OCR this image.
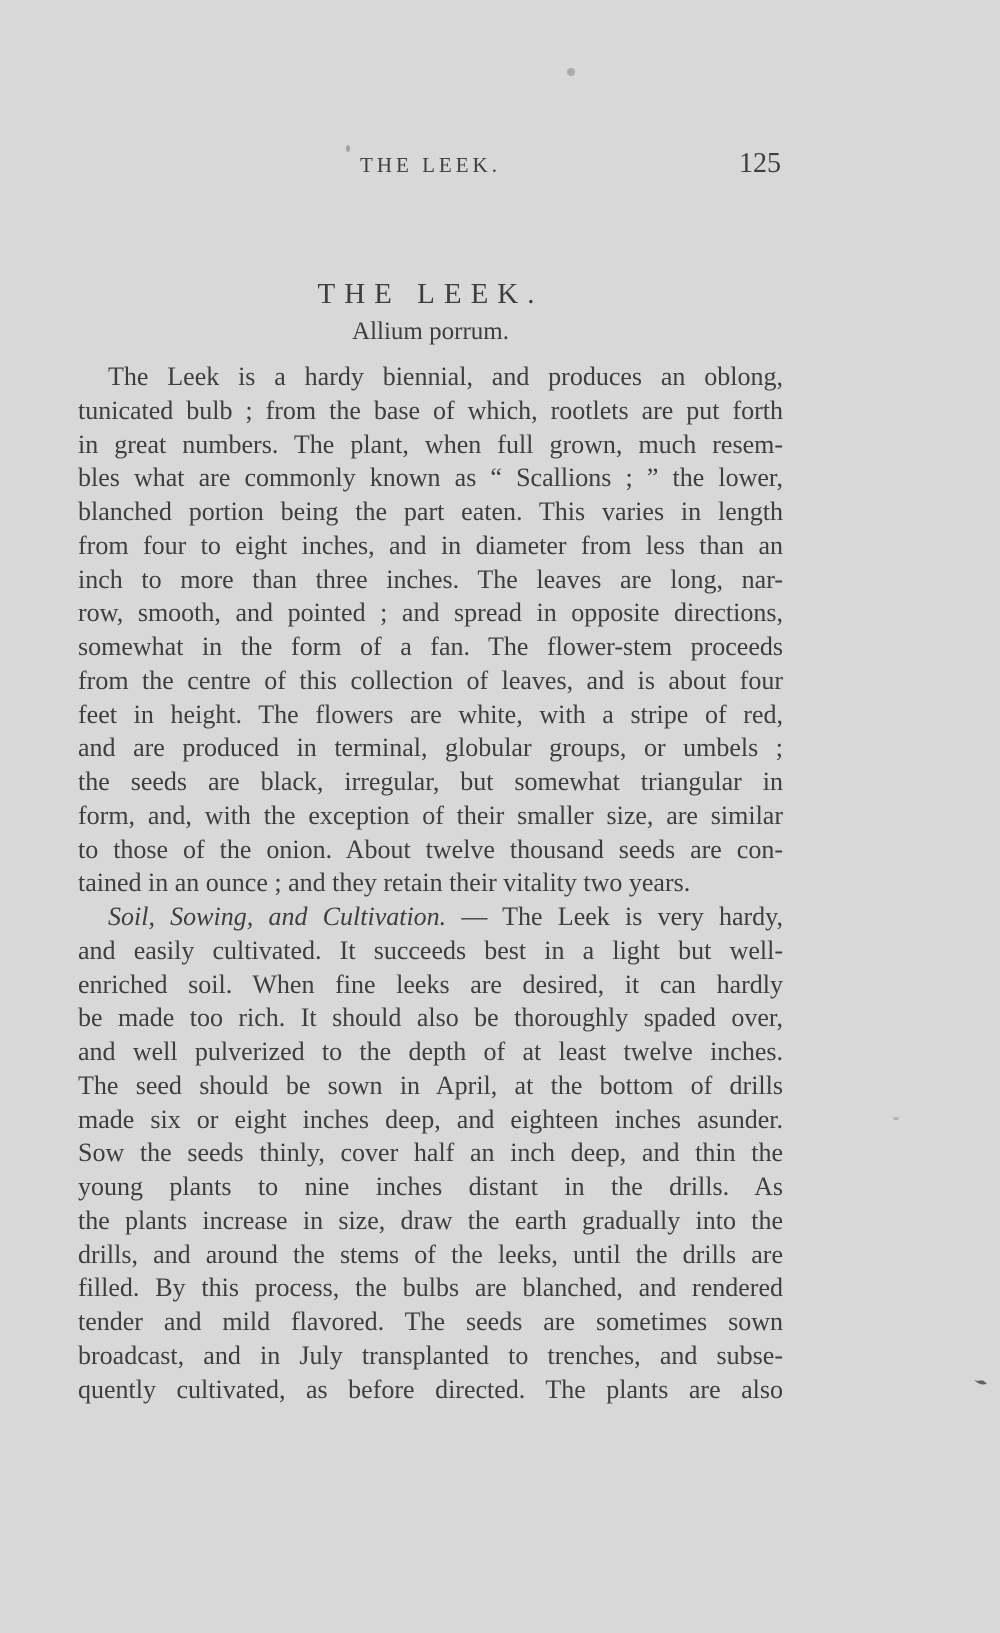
THE LEEK.	125
THE LEEK.
Allium porrum.
The Leek is a hardy biennial, and produces an oblong,
tunicated bulb ; from the base of which, rootlets are put forth
in great numbers. The plant, when full grown, much resem-
bles what are commonly known as “ Scallions ; ” the lower,
blanched portion being the part eaten. This varies in length
from four to eight inches, and in diameter from less than an
inch to more than three inches. The leaves are long, nar-
row, smooth, and pointed ; and spread in opposite directions,
somewhat in the form of a fan. The flower-stem proceeds
from the centre of this collection of leaves, and is about four
feet in height. The flowers are white, with a stripe of red,
and are produced in terminal, globular groups, or umbels ;
the seeds are black, irregular, but somewhat triangular in
form, and, with the exception of their smaller size, are similar
to those of the onion. About twelve thousand seeds are con-
tained in an ounce ; and they retain their vitality two years.
Soil, Sowing, and Cultivation. — The Leek is very hardy,
and easily cultivated. It succeeds best in a light but well-
enriched soil. When fine leeks are desired, it can hardly
be made too rich. It should also be thoroughly spaded over,
and well pulverized to the depth of at least twelve inches.
The seed should be sown in April, at the bottom of drills
made six or eight inches deep, and eighteen inches asunder.
Sow the seeds thinly, cover half an inch deep, and thin the
young plants to nine inches distant in the drills. As
the plants increase in size, draw the earth gradually into the
drills, and around the stems of the leeks, until the drills are
filled. By this process, the bulbs are blanched, and rendered
tender and mild flavored. The seeds are sometimes sown
broadcast, and in July transplanted to trenches, and subse-
quently cultivated, as before directed. The plants are also
